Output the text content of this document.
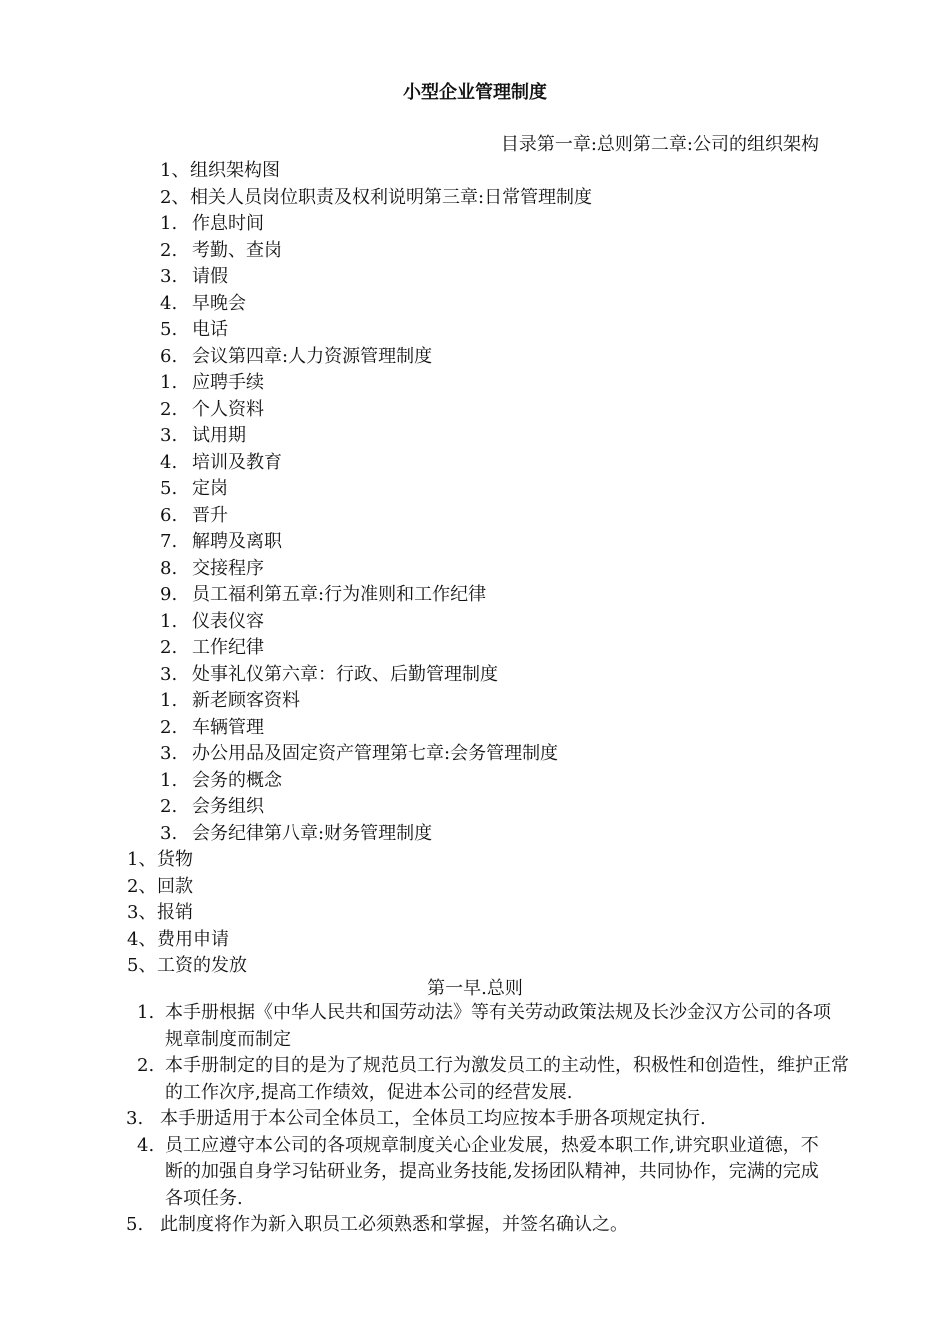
小型企业管理制度
目录第一章:总则第二章:公司的组织架构
1、组织架构图
2、相关人员岗位职责及权利说明第三章:日常管理制度
1. 作息时间
2. 考勤、查岗
3. 请假
4. 早晚会
5. 电话
6. 会议第四章:人力资源管理制度
1. 应聘手续
2. 个人资料
3. 试用期
4. 培训及教育
5. 定岗
6. 晋升
7. 解聘及离职
8. 交接程序
9. 员工福利第五章:行为准则和工作纪律
1. 仪表仪容
2. 工作纪律
3. 处事礼仪第六章：行政、后勤管理制度
1. 新老顾客资料
2. 车辆管理
3. 办公用品及固定资产管理第七章:会务管理制度
1. 会务的概念
2. 会务组织
3. 会务纪律第八章:财务管理制度
1、货物
2、回款
3、报销
4、费用申请
5、工资的发放
第一早.总则
1. 本手册根据《中华人民共和国劳动法》等有关劳动政策法规及长沙金汉方公司的各项规章制度而制定
2. 本手册制定的目的是为了规范员工行为激发员工的主动性，积极性和创造性，维护正常的工作次序,提高工作绩效，促进本公司的经营发展.
3. 本手册适用于本公司全体员工，全体员工均应按本手册各项规定执行.
4. 员工应遵守本公司的各项规章制度关心企业发展，热爱本职工作,讲究职业道德，不断的加强自身学习钻研业务，提高业务技能,发扬团队精神，共同协作，完满的完成各项任务.
5. 此制度将作为新入职员工必须熟悉和掌握，并签名确认之。
